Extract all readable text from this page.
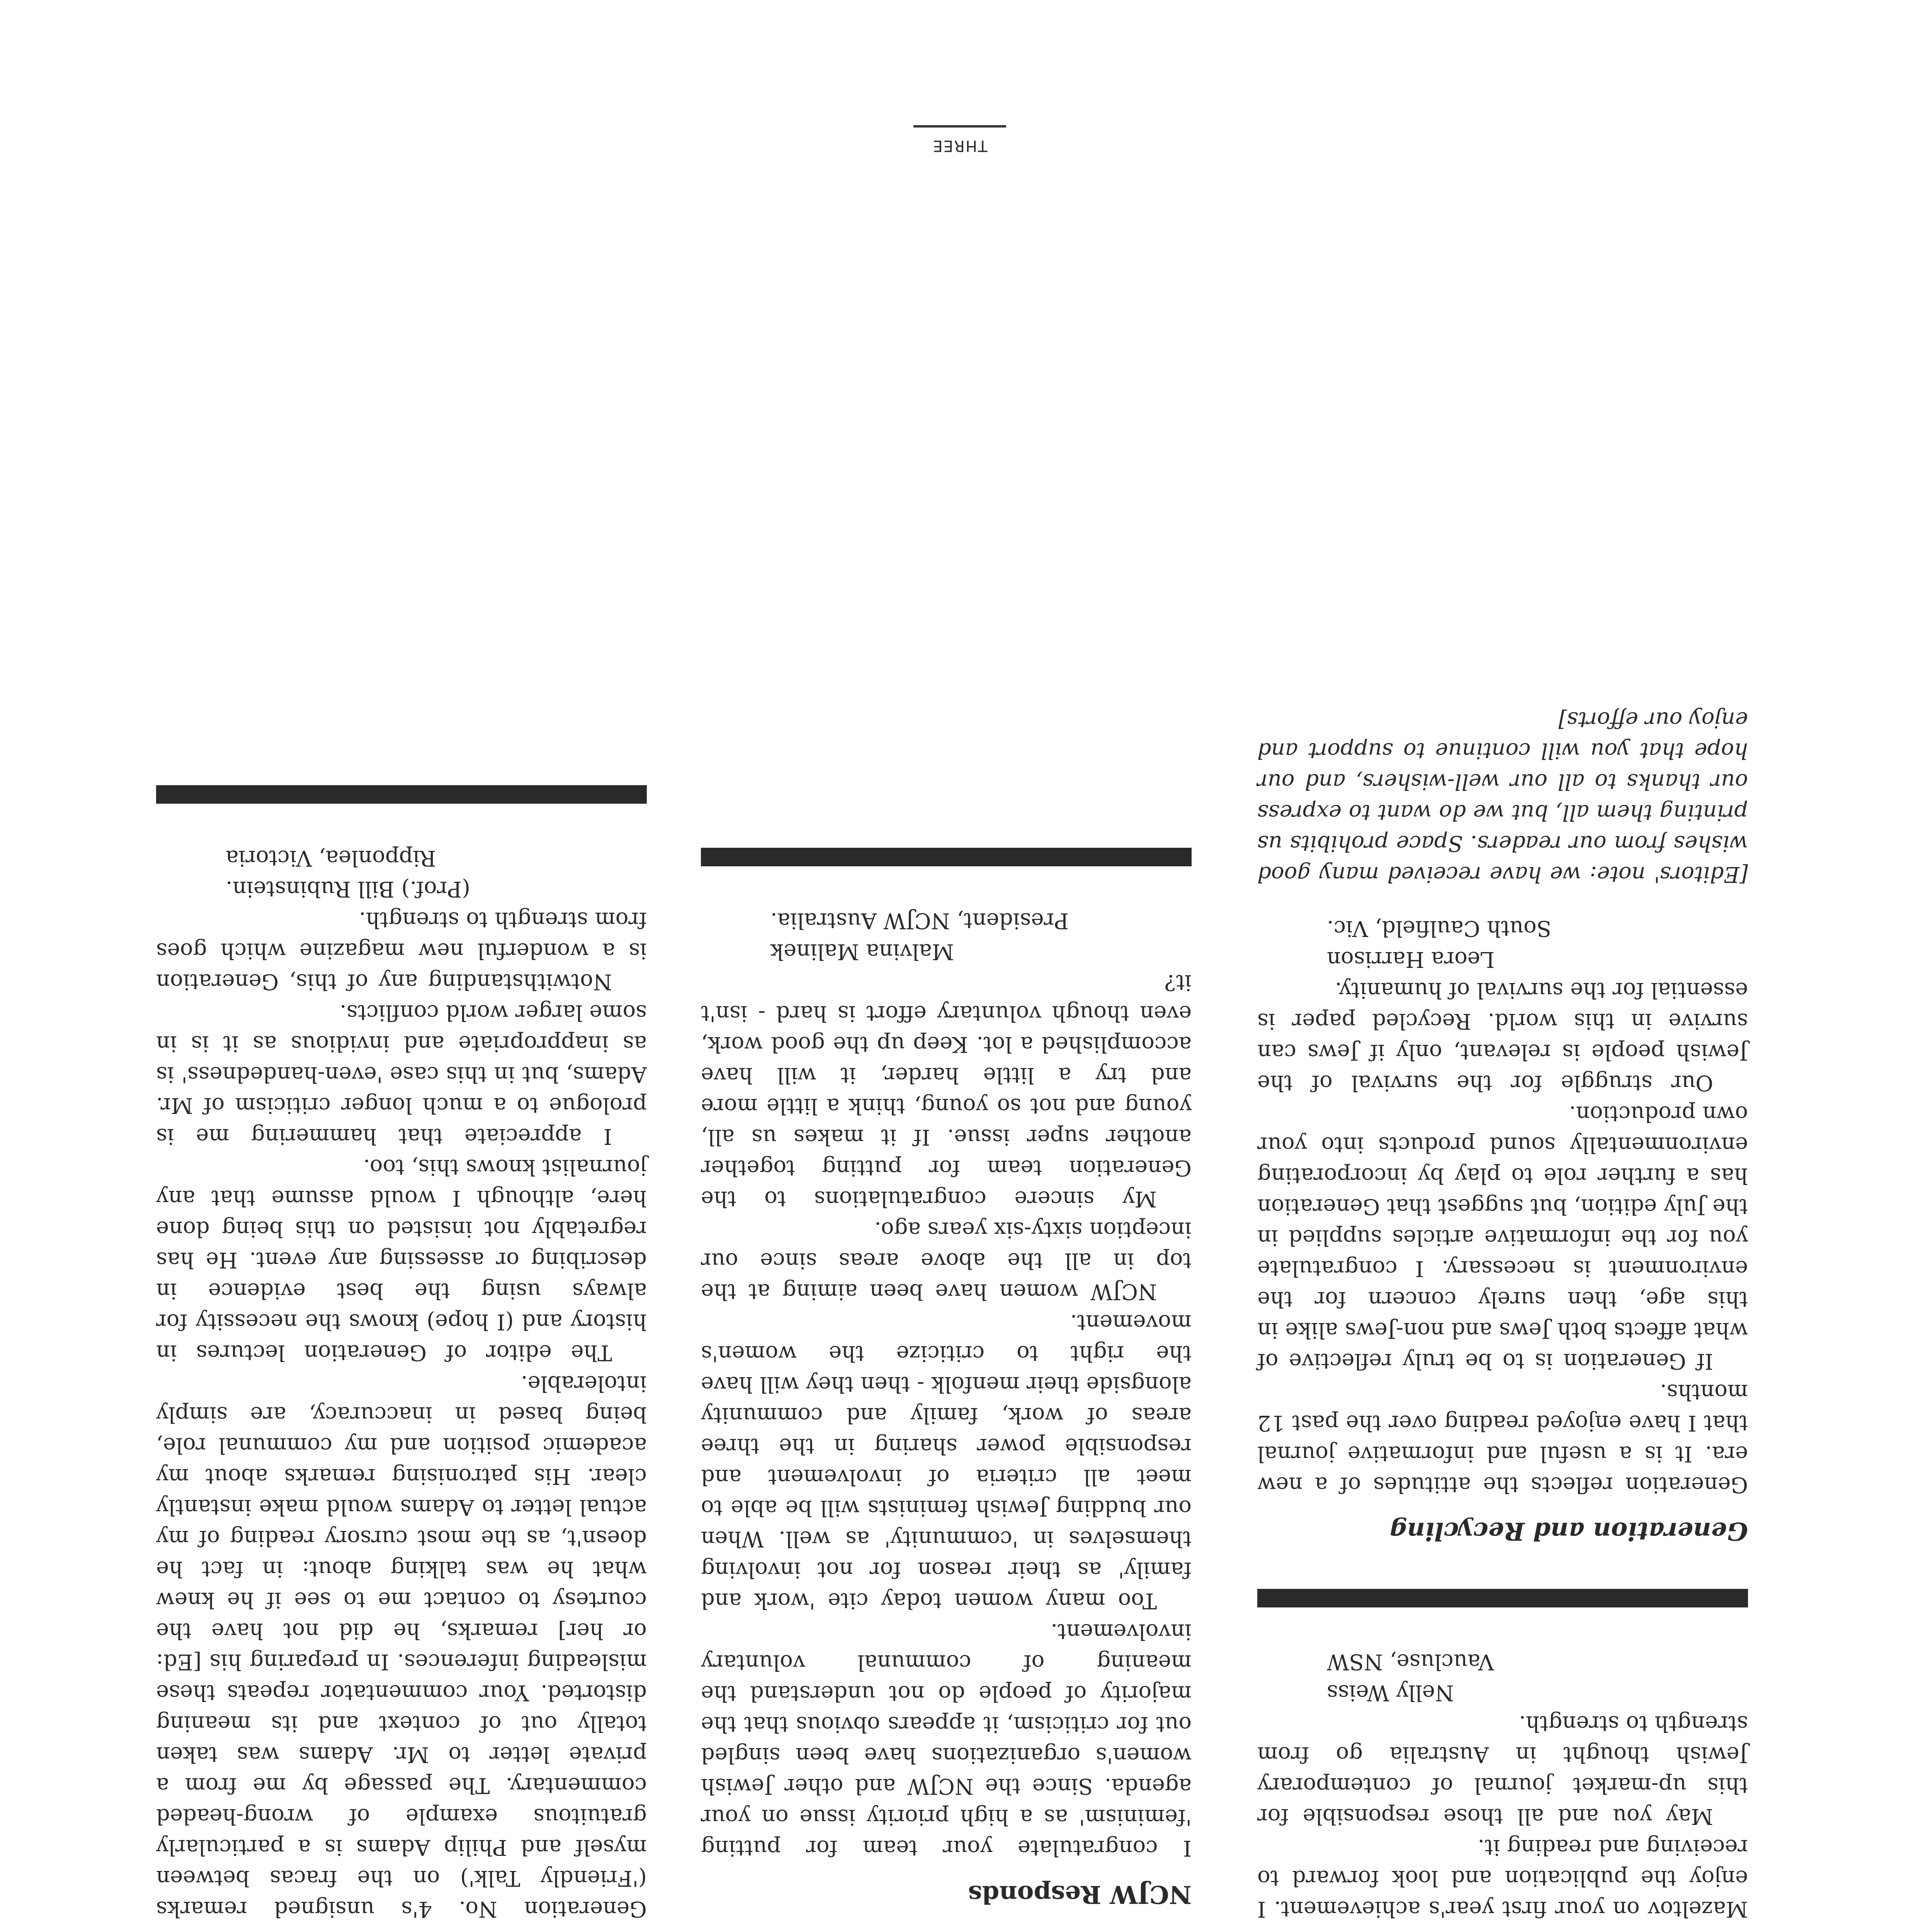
Mazeltov on your first year's achievement. I enjoy the publication and look forward to receiving and reading it.

May you and all those responsible for this up-market journal of contemporary Jewish thought in Australia go from strength to strength.

Nelly Weiss

Vaucluse, NSW

Generation and Recycling

Generation reflects the attitudes of a new era. It is a useful and informative journal that I have enjoyed reading over the past 12 months.

If Generation is to be truly reflective of what affects both Jews and non-Jews alike in this age, then surely concern for the environment is necessary. I congratulate you for the informative articles supplied in the July edition, but suggest that Generation has a further role to play by incorporating environmentally sound products into your own production.

Our struggle for the survival of the Jewish people is relevant, only if Jews can survive in this world. Recycled paper is essential for the survival of humanity.

Leora Harrison

South Caulfield, Vic.

[Editors' note: we have received many good wishes from our readers. Space prohibits us printing them all, but we do want to express our thanks to all our well-wishers, and our hope that you will continue to support and enjoy our efforts]

NCJW Responds

I congratulate your team for putting 'feminism' as a high priority issue on your agenda. Since the NCJW and other Jewish women's organizations have been singled out for criticism, it appears obvious that the majority of people do not understand the meaning of communal voluntary involvement.

Too many women today cite 'work and family' as their reason for not involving themselves in 'community' as well. When our budding Jewish feminists will be able to meet all criteria of involvement and responsible power sharing in the three areas of work, family and community alongside their menfolk - then they will have the right to criticize the women's movement.

NCJW women have been aiming at the top in all the above areas since our inception sixty-six years ago.

My sincere congratulations to the Generation team for putting together another super issue. If it makes us all, young and not so young, think a little more and try a little harder, it will have accomplished a lot. Keep up the good work, even though voluntary effort is hard - isn't it?

Malvina Malinek

President, NCJW Australia.

Generation No. 4's unsigned remarks ('Friendly Talk') on the fracas between myself and Philip Adams is a particularly gratuitous example of wrong-headed commentary. The passage by me from a private letter to Mr. Adams was taken totally out of context and its meaning distorted. Your commentator repeats these misleading inferences. In preparing his [Ed: or her] remarks, he did not have the courtesy to contact me to see if he knew what he was talking about: in fact he doesn't, as the most cursory reading of my actual letter to Adams would make instantly clear. His patronising remarks about my academic position and my communal role, being based in inaccuracy, are simply intolerable.

The editor of Generation lectures in history and (I hope) knows the necessity for always using the best evidence in describing or assessing any event. He has regretably not insisted on this being done here, although I would assume that any journalist knows this, too.

I appreciate that hammering me is prologue to a much longer criticism of Mr. Adams, but in this case 'even-handedness' is as inappropriate and invidious as it is in some larger world conflicts.

Notwithstanding any of this, Generation is a wonderful new magazine which goes from strength to strength.

(Prof.) Bill Rubinstein.

Ripponlea, Victoria

THREE
